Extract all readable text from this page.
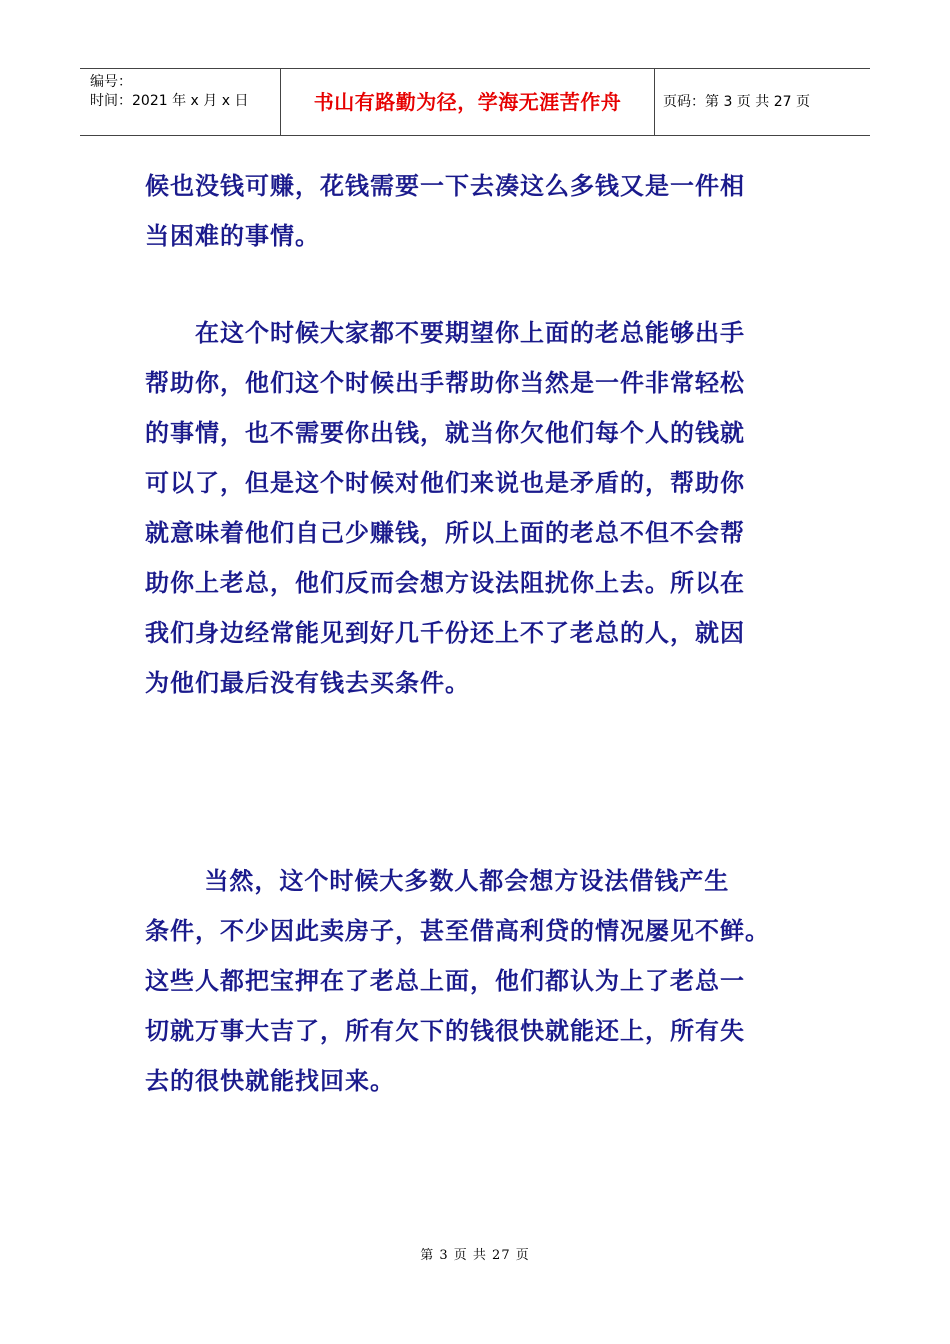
编号：
时间：2021 年 x 月 x 日	书山有路勤为径，学海无涯苦作舟	页码：第 3 页 共 27 页

候也没钱可赚，花钱需要一下去凑这么多钱又是一件相

当困难的事情。

　　在这个时候大家都不要期望你上面的老总能够出手

帮助你，他们这个时候出手帮助你当然是一件非常轻松

的事情，也不需要你出钱，就当你欠他们每个人的钱就

可以了，但是这个时候对他们来说也是矛盾的，帮助你

就意味着他们自己少赚钱，所以上面的老总不但不会帮

助你上老总，他们反而会想方设法阻扰你上去。所以在

我们身边经常能见到好几千份还上不了老总的人，就因

为他们最后没有钱去买条件。

　　 当然，这个时候大多数人都会想方设法借钱产生

条件，不少因此卖房子，甚至借高利贷的情况屡见不鲜。

这些人都把宝押在了老总上面，他们都认为上了老总一

切就万事大吉了，所有欠下的钱很快就能还上，所有失

去的很快就能找回来。

第 3 页 共 27 页
